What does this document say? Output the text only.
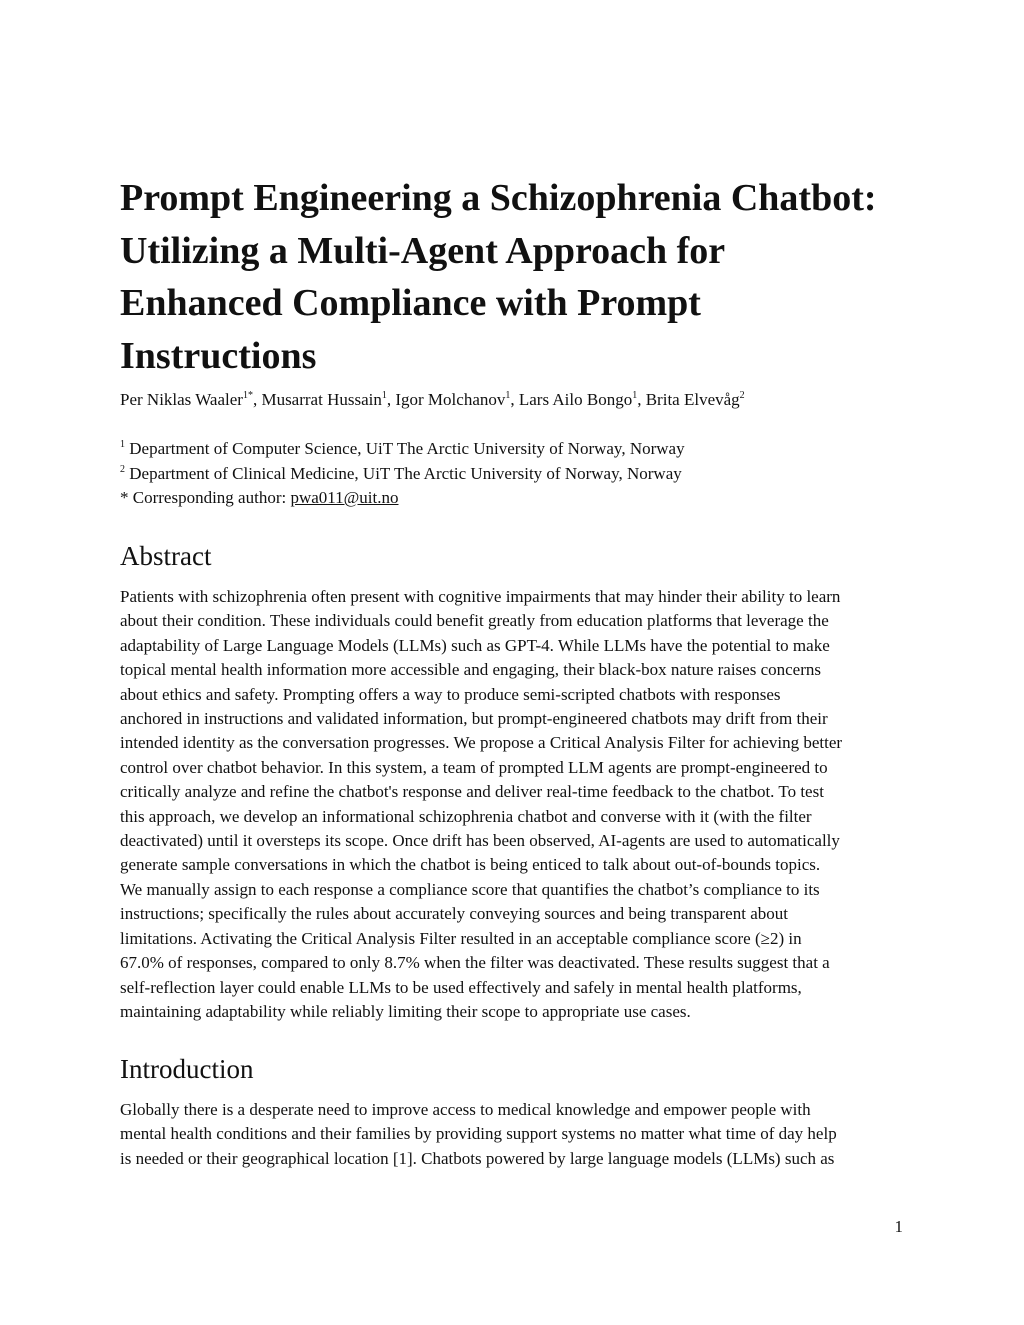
Prompt Engineering a Schizophrenia Chatbot:
Utilizing a Multi-Agent Approach for
Enhanced Compliance with Prompt
Instructions
Per Niklas Waaler$^{1*}$, Musarrat Hussain$^1$, Igor Molchanov$^1$, Lars Ailo Bongo$^1$, Brita Elvevåg$^2$
$^1$ Department of Computer Science, UiT The Arctic University of Norway, Norway
$^2$ Department of Clinical Medicine, UiT The Arctic University of Norway, Norway
* Corresponding author: pwa011@uit.no
Abstract
Patients with schizophrenia often present with cognitive impairments that may hinder their ability to learn
about their condition. These individuals could benefit greatly from education platforms that leverage the
adaptability of Large Language Models (LLMs) such as GPT-4. While LLMs have the potential to make
topical mental health information more accessible and engaging, their black-box nature raises concerns
about ethics and safety. Prompting offers a way to produce semi-scripted chatbots with responses
anchored in instructions and validated information, but prompt-engineered chatbots may drift from their
intended identity as the conversation progresses. We propose a Critical Analysis Filter for achieving better
control over chatbot behavior. In this system, a team of prompted LLM agents are prompt-engineered to
critically analyze and refine the chatbot's response and deliver real-time feedback to the chatbot. To test
this approach, we develop an informational schizophrenia chatbot and converse with it (with the filter
deactivated) until it oversteps its scope. Once drift has been observed, AI-agents are used to automatically
generate sample conversations in which the chatbot is being enticed to talk about out-of-bounds topics.
We manually assign to each response a compliance score that quantifies the chatbot’s compliance to its
instructions; specifically the rules about accurately conveying sources and being transparent about
limitations. Activating the Critical Analysis Filter resulted in an acceptable compliance score (≥2) in
67.0% of responses, compared to only 8.7% when the filter was deactivated. These results suggest that a
self-reflection layer could enable LLMs to be used effectively and safely in mental health platforms,
maintaining adaptability while reliably limiting their scope to appropriate use cases.
Introduction
Globally there is a desperate need to improve access to medical knowledge and empower people with
mental health conditions and their families by providing support systems no matter what time of day help
is needed or their geographical location [1]. Chatbots powered by large language models (LLMs) such as
1
